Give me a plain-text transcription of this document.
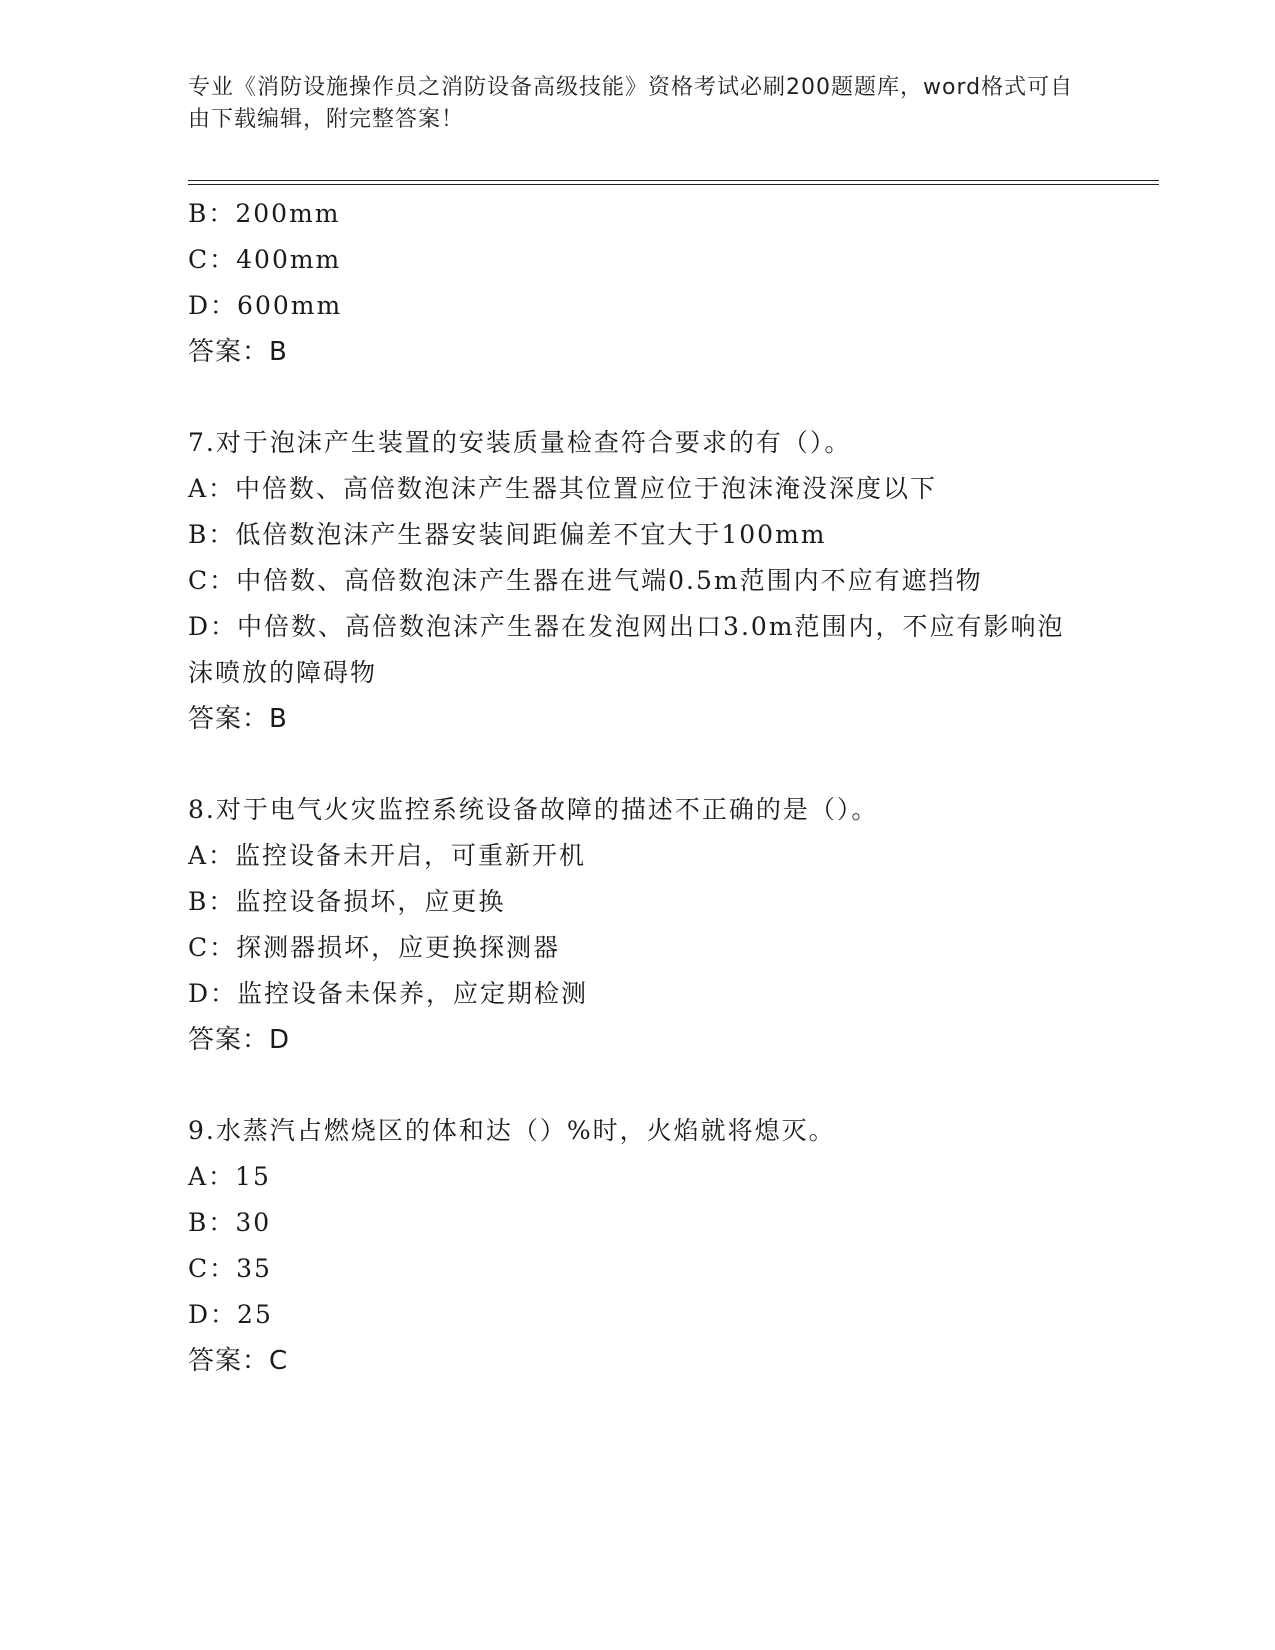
专业《消防设施操作员之消防设备高级技能》资格考试必刷200题题库，word格式可自由下载编辑，附完整答案！
B：200mm
C：400mm
D：600mm
答案：B
7.对于泡沫产生装置的安装质量检查符合要求的有（）。
A：中倍数、高倍数泡沫产生器其位置应位于泡沫淹没深度以下
B：低倍数泡沫产生器安装间距偏差不宜大于100mm
C：中倍数、高倍数泡沫产生器在进气端0.5m范围内不应有遮挡物
D：中倍数、高倍数泡沫产生器在发泡网出口3.0m范围内，不应有影响泡沫喷放的障碍物
答案：B
8.对于电气火灾监控系统设备故障的描述不正确的是（）。
A：监控设备未开启，可重新开机
B：监控设备损坏，应更换
C：探测器损坏，应更换探测器
D：监控设备未保养，应定期检测
答案：D
9.水蒸汽占燃烧区的体和达（）%时，火焰就将熄灭。
A：15
B：30
C：35
D：25
答案：C
